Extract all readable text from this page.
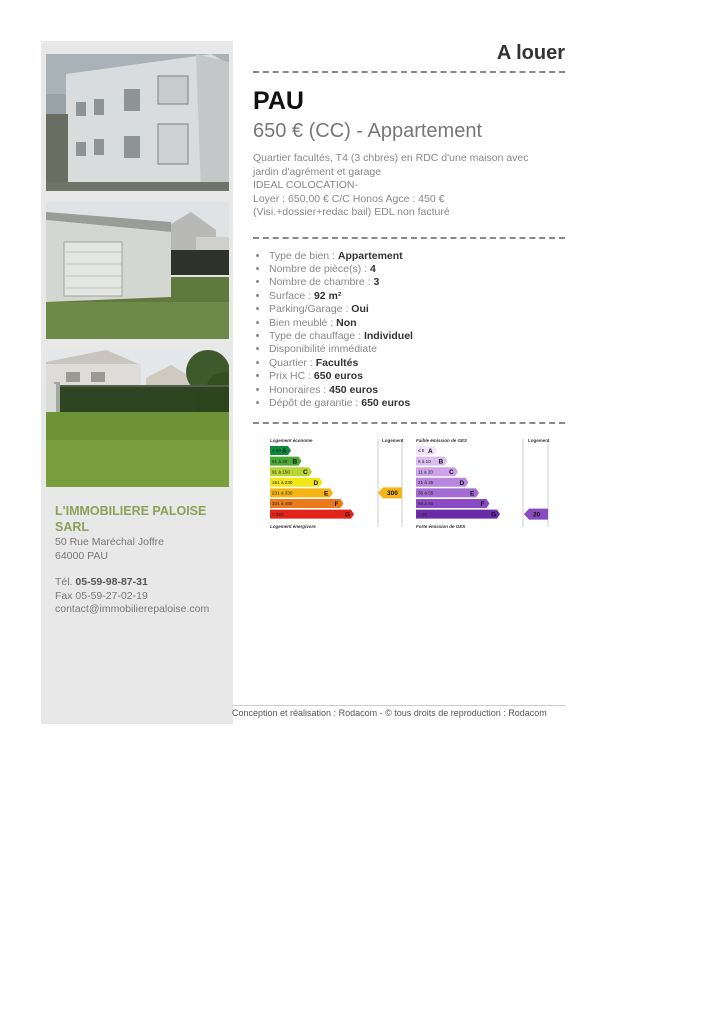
L'IMMOBILIERE PALOISE SARL
50 Rue Maréchal Joffre
64000 PAU
Tél. 05-59-98-87-31
Fax 05-59-27-02-19
contact@immobilierepaloise.com
A louer
PAU
650 € (CC) - Appartement
Quartier facultés, T4 (3 chbres) en RDC d'une maison avec
jardin d'agrément et garage
IDEAL COLOCATION-
Loyer : 650,00 € C/C Honos Agce : 450 €
(Visi.+dossier+redac bail) EDL non facturé
• Type de bien : Appartement
• Nombre de pièce(s) : 4
• Nombre de chambre : 3
• Surface : 92 m²
• Parking/Garage : Oui
• Bien meublé : Non
• Type de chauffage : Individuel
• Disponibilité immédiate
• Quartier : Facultés
• Prix HC : 650 euros
• Honoraires : 450 euros
• Dépôt de garantie : 650 euros
Logement économe	Logement
Logement énergivore
≤ 50 A
51 à 90 B
91 à 150 C
151 à 230	D
231 à 330	E	300
331 à 450	F
> 450	G
Faible émission de GES	Logement
Forte émission de GES
≤ 5 A
6 à 10 B
11 à 20 C
21 à 35	D
36 à 55	E
56 à 80	F
> 80	G	20
Conception et réalisation : Rodacom - © tous droits de reproduction : Rodacom
